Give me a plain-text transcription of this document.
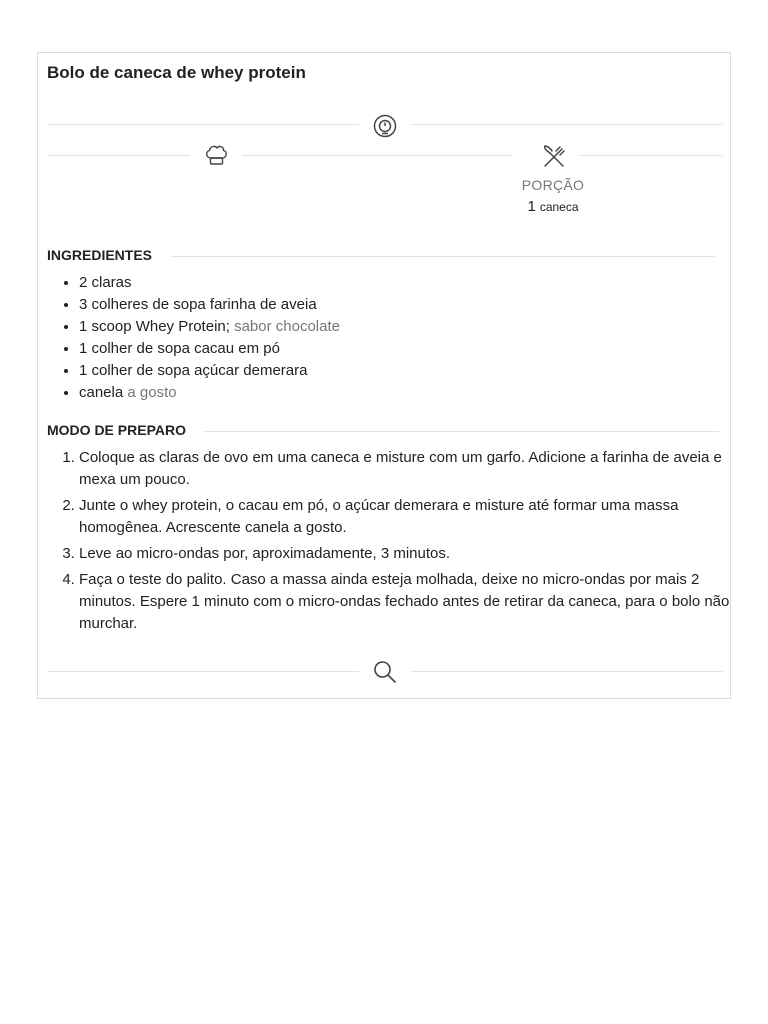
Bolo de caneca de whey protein
PORÇÃO
1 caneca
INGREDIENTES
• 2 claras
• 3 colheres de sopa farinha de aveia
• 1 scoop Whey Protein; sabor chocolate
• 1 colher de sopa cacau em pó
• 1 colher de sopa açúcar demerara
• canela a gosto
MODO DE PREPARO
1. Coloque as claras de ovo em uma caneca e misture com um garfo. Adicione a farinha de aveia e mexa um pouco.
2. Junte o whey protein, o cacau em pó, o açúcar demerara e misture até formar uma massa homogênea. Acrescente canela a gosto.
3. Leve ao micro-ondas por, aproximadamente, 3 minutos.
4. Faça o teste do palito. Caso a massa ainda esteja molhada, deixe no micro-ondas por mais 2 minutos. Espere 1 minuto com o micro-ondas fechado antes de retirar da caneca, para o bolo não murchar.
